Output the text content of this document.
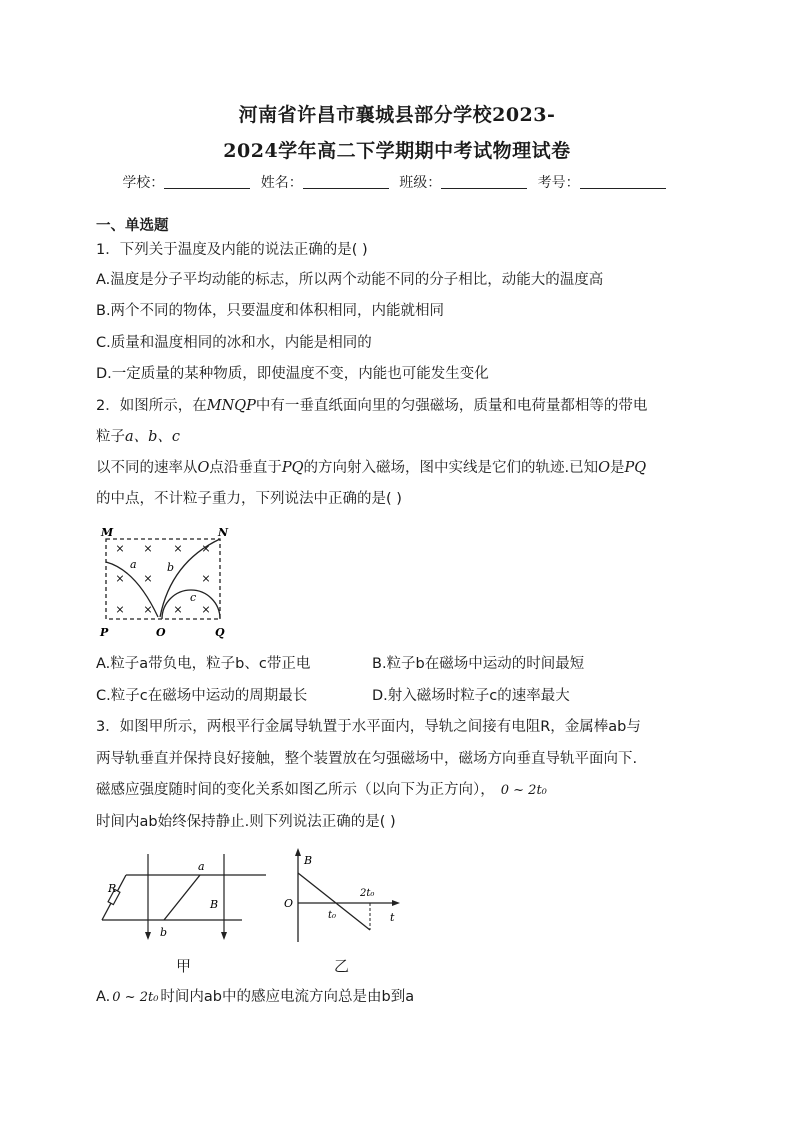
河南省许昌市襄城县部分学校2023-
2024学年高二下学期期中考试物理试卷
学校：	姓名：	班级：	考号：
一、单选题
1．下列关于温度及内能的说法正确的是( )
A.温度是分子平均动能的标志，所以两个动能不同的分子相比，动能大的温度高
B.两个不同的物体，只要温度和体积相同，内能就相同
C.质量和温度相同的冰和水，内能是相同的
D.一定质量的某种物质，即使温度不变，内能也可能发生变化
2．如图所示，在MNQP中有一垂直纸面向里的匀强磁场，质量和电荷量都相等的带电
粒子a、b、c
以不同的速率从O点沿垂直于PQ的方向射入磁场，图中实线是它们的轨迹.已知O是PQ
的中点，不计粒子重力，下列说法中正确的是( )
× × × ×
× ×	×
× × × ×
M	N
P	O	Q
a	b
c
A.粒子a带负电，粒子b、c带正电	B.粒子b在磁场中运动的时间最短
C.粒子c在磁场中运动的周期最长	D.射入磁场时粒子c的速率最大
3．如图甲所示，两根平行金属导轨置于水平面内，导轨之间接有电阻R，金属棒ab与
两导轨垂直并保持良好接触，整个装置放在匀强磁场中，磁场方向垂直导轨平面向下.
磁感应强度随时间的变化关系如图乙所示（以向下为正方向）， 0 ~ 2t₀
时间内ab始终保持静止.则下列说法正确的是( )
R
a
B
b
甲
B
O
t
t₀
2t₀
乙
A. 0 ~ 2t₀ 时间内ab中的感应电流方向总是由b到a
